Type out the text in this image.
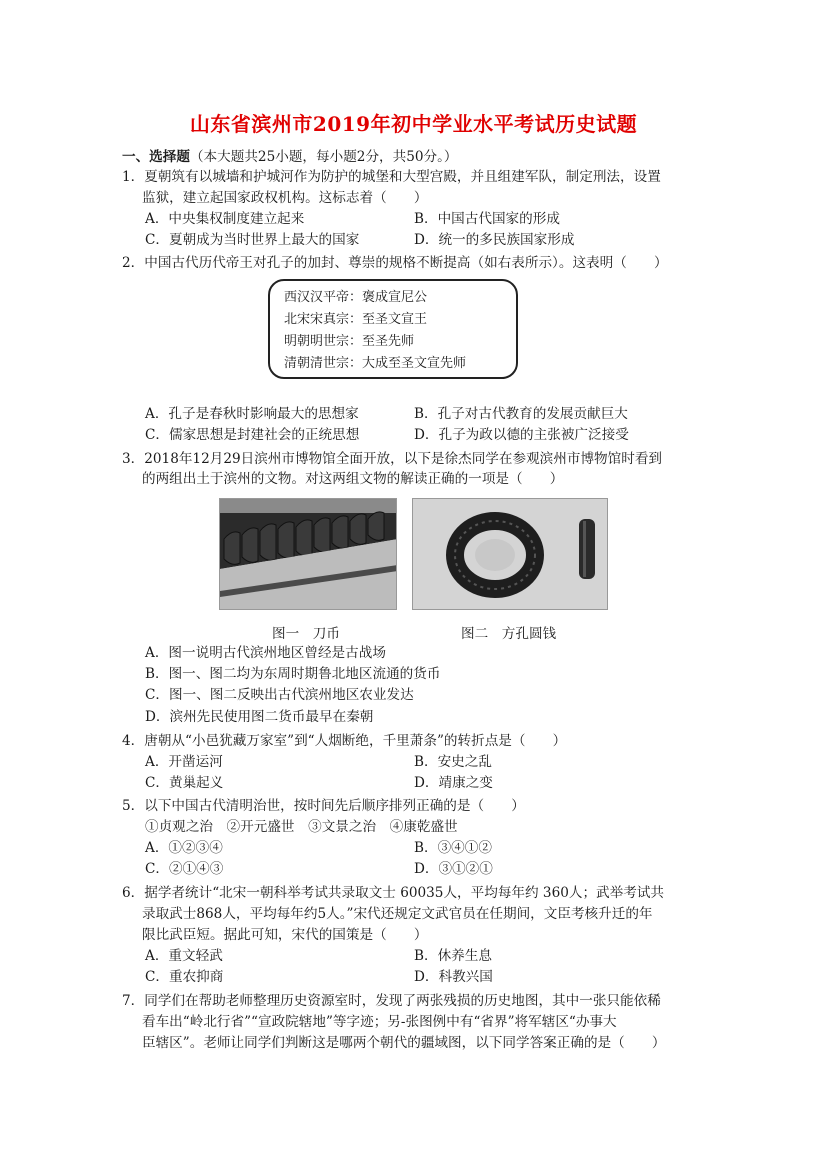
山东省滨州市2019年初中学业水平考试历史试题
一、选择题（本大题共25小题，每小题2分，共50分。）
1．夏朝筑有以城墙和护城河作为防护的城堡和大型宫殿，并且组建军队，制定刑法，设置
监狱，建立起国家政权机构。这标志着（　　）
A．中央集权制度建立起来	B．中国古代国家的形成
C．夏朝成为当时世界上最大的国家	D．统一的多民族国家形成
2．中国古代历代帝王对孔子的加封、尊崇的规格不断提高（如右表所示）。这表明（　　）
西汉汉平帝：褒成宣尼公
北宋宋真宗：至圣文宣王
明朝明世宗：至圣先师
清朝清世宗：大成至圣文宣先师
A．孔子是春秋时影响最大的思想家	B．孔子对古代教育的发展贡献巨大
C．儒家思想是封建社会的正统思想	D．孔子为政以德的主张被广泛接受
3．2018年12月29日滨州市博物馆全面开放，以下是徐杰同学在参观滨州市博物馆时看到
的两组出土于滨州的文物。对这两组文物的解读正确的一项是（　　）
图一　刀币	图二　方孔圆钱
A．图一说明古代滨州地区曾经是古战场
B．图一、图二均为东周时期鲁北地区流通的货币
C．图一、图二反映出古代滨州地区农业发达
D．滨州先民使用图二货币最早在秦朝
4．唐朝从“小邑犹藏万家室”到“人烟断绝，千里萧条”的转折点是（　　）
A．开凿运河	B．安史之乱
C．黄巢起义	D．靖康之变
5．以下中国古代清明治世，按时间先后顺序排列正确的是（　　）
①贞观之治　②开元盛世　③文景之治　④康乾盛世
A．①②③④	B．③④①②
C．②①④③	D．③①②①
6．据学者统计“北宋一朝科举考试共录取文士 60035人，平均每年约 360人；武举考试共
录取武士868人，平均每年约5人。”宋代还规定文武官员在任期间，文臣考核升迁的年
限比武臣短。据此可知，宋代的国策是（　　）
A．重文轻武	B．休养生息
C．重农抑商	D．科教兴国
7．同学们在帮助老师整理历史资源室时，发现了两张残损的历史地图，其中一张只能依稀
看车出“岭北行省”“宣政院辖地”等字迹；另-张图例中有“省界”将军辖区“办事大
臣辖区”。老师让同学们判断这是哪两个朝代的疆域图，以下同学答案正确的是（　　）
